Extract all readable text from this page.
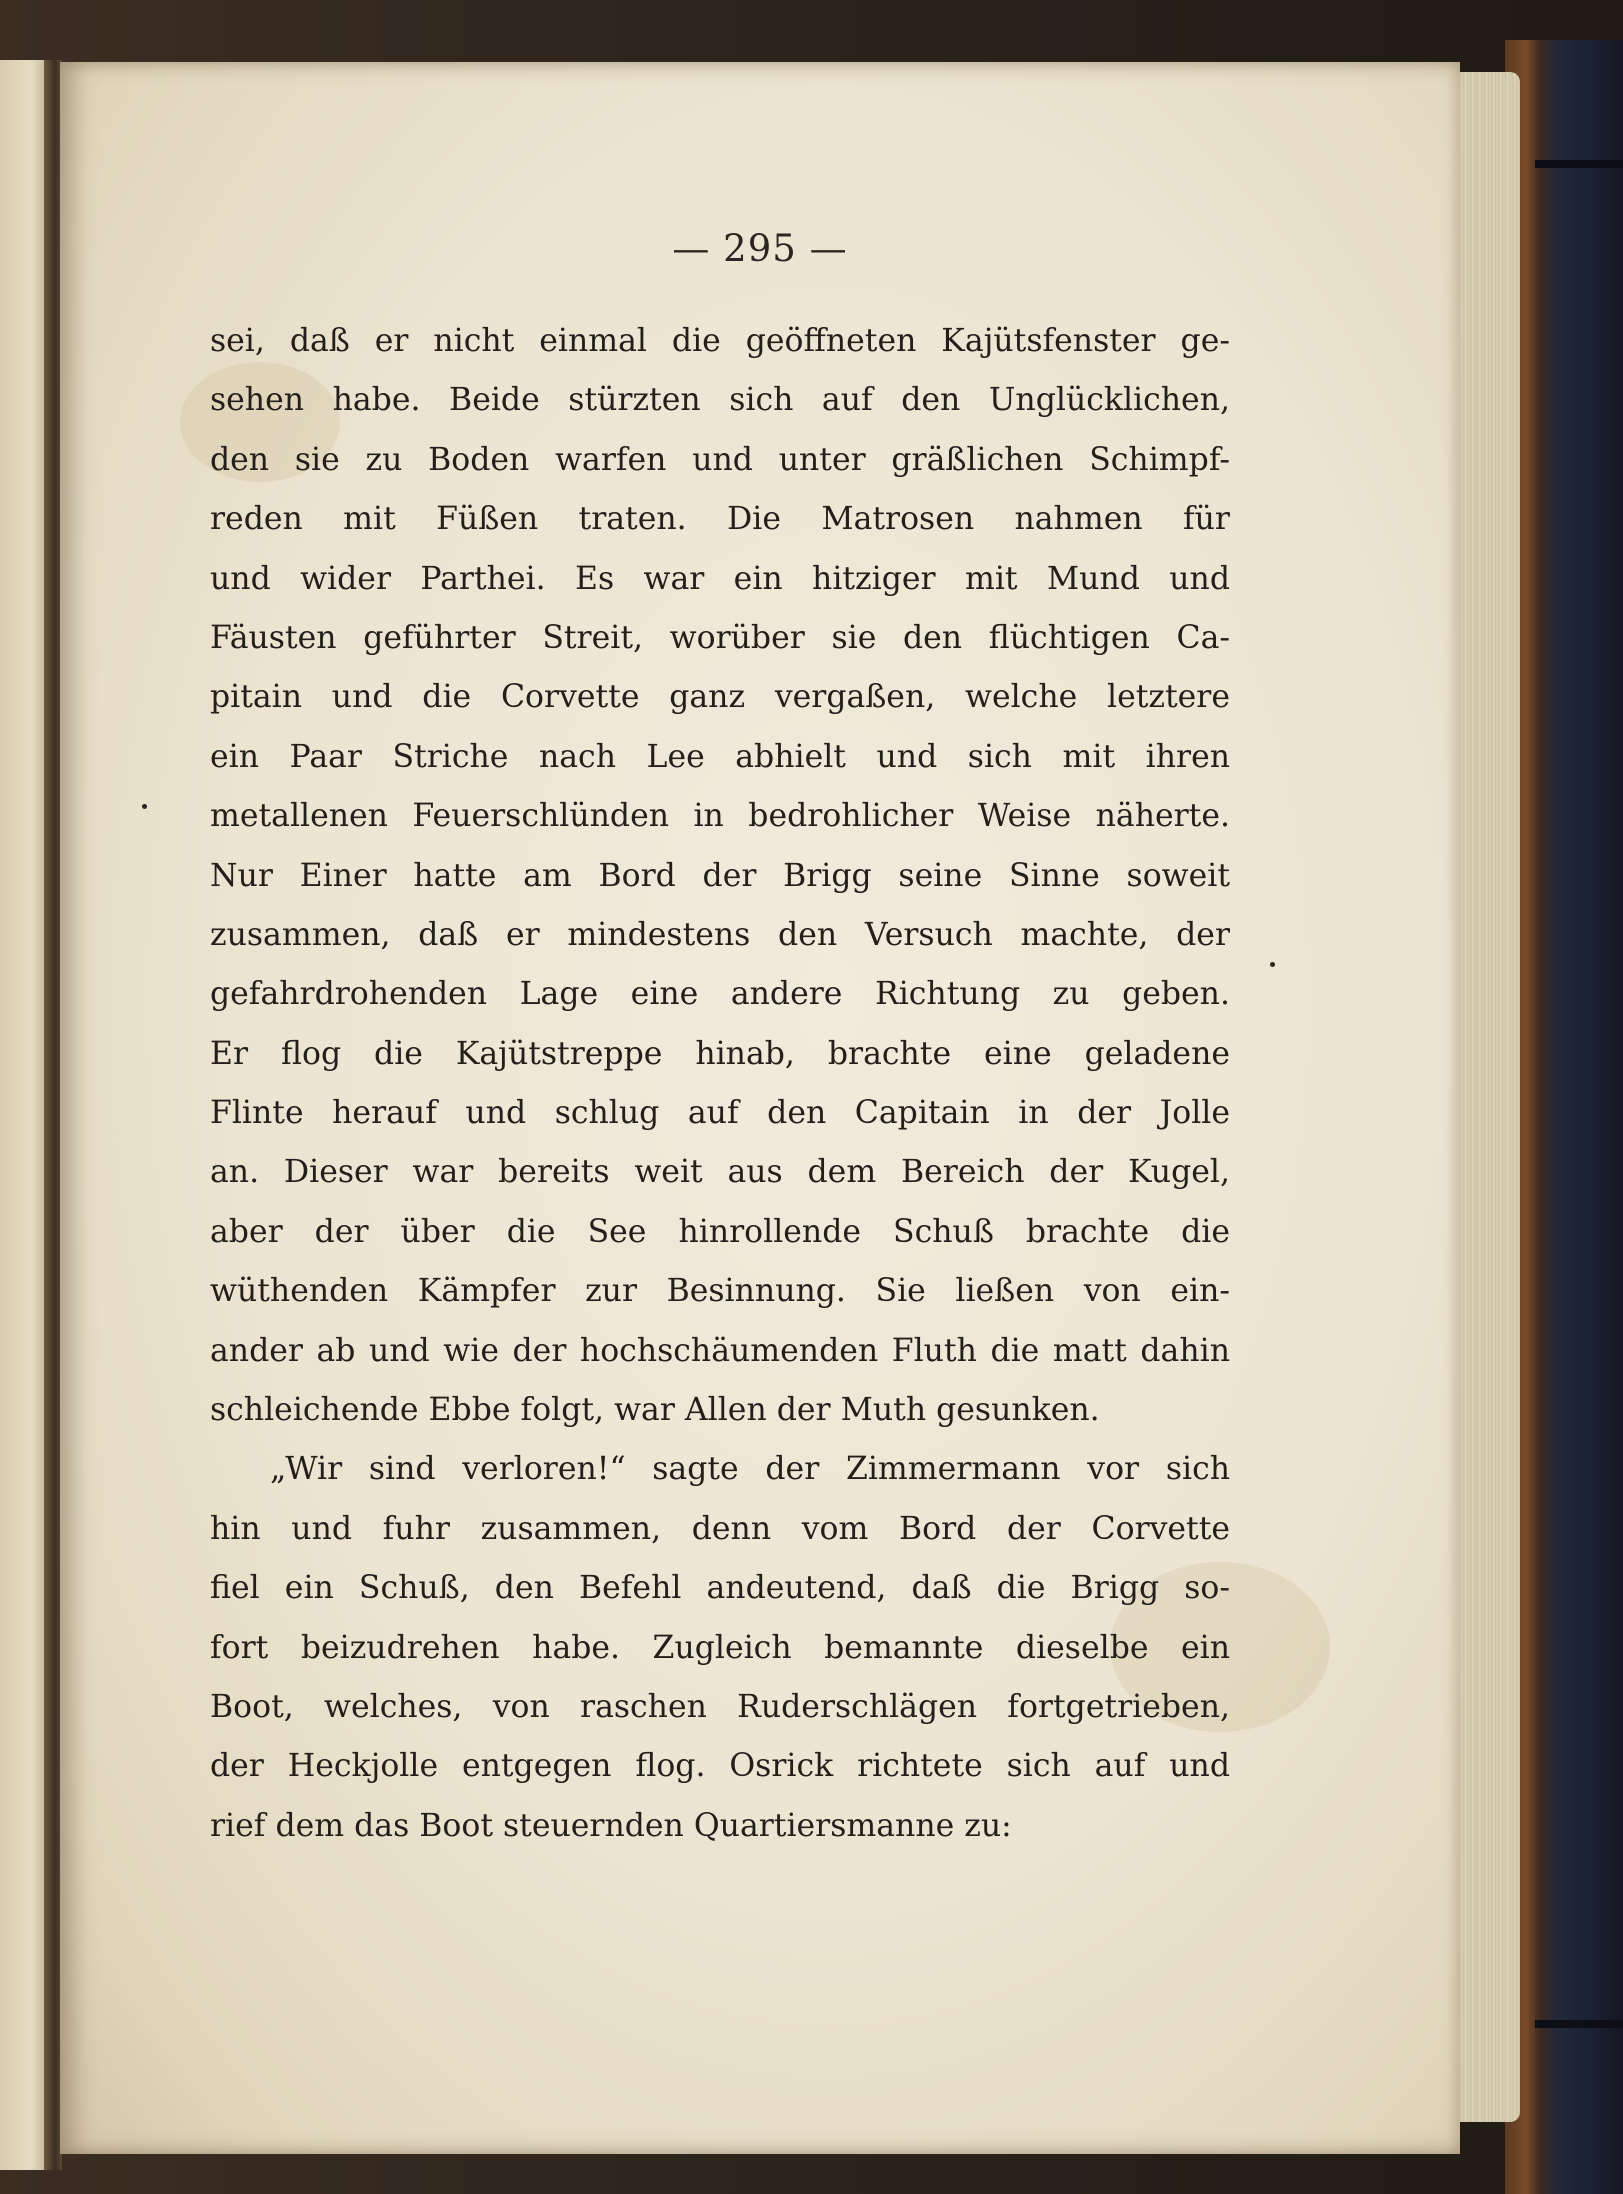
— 295 —
sei, daß er nicht einmal die geöffneten Kajütsfenster ge-
sehen habe. Beide stürzten sich auf den Unglücklichen,
den sie zu Boden warfen und unter gräßlichen Schimpf-
reden mit Füßen traten. Die Matrosen nahmen für
und wider Parthei. Es war ein hitziger mit Mund und
Fäusten geführter Streit, worüber sie den flüchtigen Ca-
pitain und die Corvette ganz vergaßen, welche letztere
ein Paar Striche nach Lee abhielt und sich mit ihren
metallenen Feuerschlünden in bedrohlicher Weise näherte.
Nur Einer hatte am Bord der Brigg seine Sinne soweit
zusammen, daß er mindestens den Versuch machte, der
gefahrdrohenden Lage eine andere Richtung zu geben.
Er flog die Kajütstreppe hinab, brachte eine geladene
Flinte herauf und schlug auf den Capitain in der Jolle
an. Dieser war bereits weit aus dem Bereich der Kugel,
aber der über die See hinrollende Schuß brachte die
wüthenden Kämpfer zur Besinnung. Sie ließen von ein-
ander ab und wie der hochschäumenden Fluth die matt dahin
schleichende Ebbe folgt, war Allen der Muth gesunken.
„Wir sind verloren!“ sagte der Zimmermann vor sich
hin und fuhr zusammen, denn vom Bord der Corvette
fiel ein Schuß, den Befehl andeutend, daß die Brigg so-
fort beizudrehen habe. Zugleich bemannte dieselbe ein
Boot, welches, von raschen Ruderschlägen fortgetrieben,
der Heckjolle entgegen flog. Osrick richtete sich auf und
rief dem das Boot steuernden Quartiersmanne zu:
